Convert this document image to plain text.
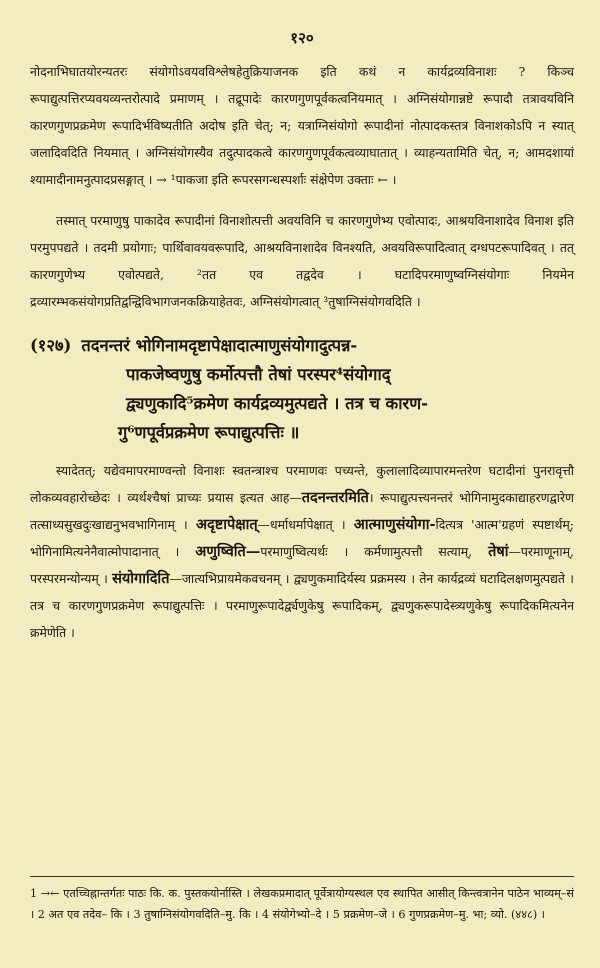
१२०

नोदनाभिघातयोरन्यतरः संयोगोऽवयवविश्लेषहेतुक्रियाजनक इति कथं न कार्यद्रव्यविनाशः ? किञ्च रूपाद्युत्पत्तिरप्यवयव्यन्तरोत्पादे प्रमाणम् । तद्रूपादेः कारणगुणपूर्वकत्वनियमात् । अग्निसंयोगान्नष्टे रूपादौ तत्रावयविनि कारणगुणप्रक्रमेण रूपादिर्भविष्यतीति अदोष इति चेत्; न; यत्राग्निसंयोगो रूपादीनां नोत्पादकस्तत्र विनाशकोऽपि न स्यात् जलादिवदिति नियमात् । अग्निसंयोगस्यैव तदुत्पादकत्वे कारणगुणपूर्वकत्वव्याघातात् । व्याहन्यतामिति चेत्, न; आमदशायां श्यामादीनामनुत्पादप्रसङ्गात् । → ¹पाकजा इति रूपरसगन्धस्पर्शाः संक्षेपेण उक्ताः ← ।

तस्मात् परमाणुषु पाकादेव रूपादीनां विनाशोत्पत्ती अवयविनि च कारणगुणेभ्य एवोत्पादः, आश्रयविनाशादेव विनाश इति परमुपपद्यते । तदमी प्रयोगाः; पार्थिवावयवरूपादि, आश्रयविनाशादेव विनश्यति, अवयविरूपादित्वात् दग्धपटरूपादिवत् । तत् कारणगुणेभ्य एवोत्पद्यते, ²तत एव तद्वदेव । घटादिपरमाणुष्वग्निसंयोगाः नियमेन द्रव्यारम्भकसंयोगप्रतिद्वन्द्विविभागजनकक्रियाहेतवः, अग्निसंयोगत्वात् ³तुषाग्निसंयोगवदिति ।

(१२७) तदनन्तरं भोगिनामदृष्टापेक्षादात्माणुसंयोगादुत्पन्न-
पाकजेष्वणुषु कर्मोत्पत्तौ तेषां परस्पर⁴संयोगाद्
द्व्यणुकादि⁵क्रमेण कार्यद्रव्यमुत्पद्यते । तत्र च कारण-
गु⁶णपूर्वप्रक्रमेण रूपाद्युत्पत्तिः ॥

स्यादेतत्; यद्येवमापरमाण्वन्तो विनाशः स्वतन्त्राश्च परमाणवः पच्यन्ते, कुलालादिव्यापारमन्तरेण घटादीनां पुनरावृत्तौ लोकव्यवहारोच्छेदः । व्यर्थश्चैषां प्राच्यः प्रयास इत्यत आह—तदनन्तरमिति। रूपाद्युत्पत्त्यनन्तरं भोगिनामुदकाद्याहरणद्वारेण तत्साध्यसुखदुःखाद्यनुभवभागिनाम् । अदृष्टापेक्षात्—धर्माधर्मापेक्षात् । आत्माणुसंयोगा-दित्यत्र 'आत्म'ग्रहणं स्पष्टार्थम्; भोगिनामित्यनेनैवात्मोपादानात् । अणुष्विति—परमाणुष्वित्यर्थः । कर्मणामुत्पत्तौ सत्याम्, तेषां—परमाणूनाम्, परस्परमन्योन्यम् । संयोगादिति—जात्यभिप्रायमेकवचनम् । द्व्यणुकमादिर्यस्य प्रक्रमस्य । तेन कार्यद्रव्यं घटादिलक्षणमुत्पद्यते । तत्र च कारणगुणप्रक्रमेण रूपाद्युत्पत्तिः । परमाणुरूपादेर्द्व्यणुकेषु रूपादिकम्, द्व्यणुकरूपादेस्त्र्यणुकेषु रूपादिकमित्यनेन क्रमेणेति ।

1 →← एतच्चिह्नान्तर्गतः पाठः कि. क. पुस्तकयोर्नास्ति । लेखकप्रमादात् पूर्वेत्रायोग्यस्थल एव स्थापित आसीत् किन्त्वत्रानेन पाठेन भाव्यम्–सं । 2 अत एव तदेव– कि । 3 तुषाग्निसंयोगवदिति–मु. कि । 4 संयोगेभ्यो–दे । 5 प्रक्रमेण–जे । 6 गुणप्रक्रमेण–मु. भा; व्यो. (४४८) ।
